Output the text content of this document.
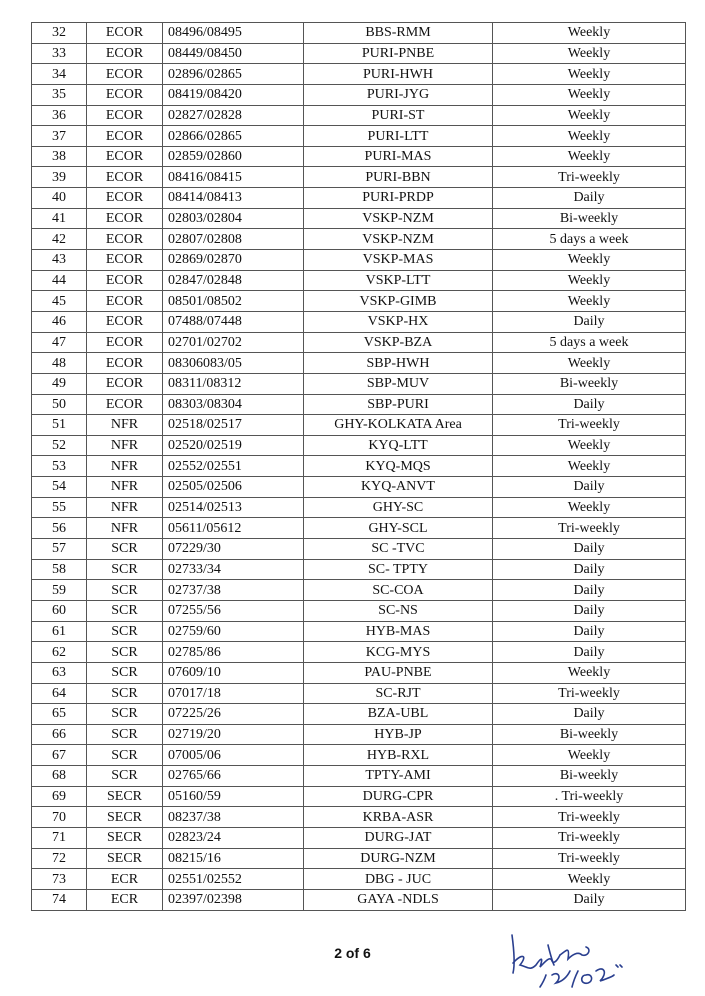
32	ECOR	08496/08495	BBS-RMM	Weekly
33	ECOR	08449/08450	PURI-PNBE	Weekly
34	ECOR	02896/02865	PURI-HWH	Weekly
35	ECOR	08419/08420	PURI-JYG	Weekly
36	ECOR	02827/02828	PURI-ST	Weekly
37	ECOR	02866/02865	PURI-LTT	Weekly
38	ECOR	02859/02860	PURI-MAS	Weekly
39	ECOR	08416/08415	PURI-BBN	Tri-weekly
40	ECOR	08414/08413	PURI-PRDP	Daily
41	ECOR	02803/02804	VSKP-NZM	Bi-weekly
42	ECOR	02807/02808	VSKP-NZM	5 days a week
43	ECOR	02869/02870	VSKP-MAS	Weekly
44	ECOR	02847/02848	VSKP-LTT	Weekly
45	ECOR	08501/08502	VSKP-GIMB	Weekly
46	ECOR	07488/07448	VSKP-HX	Daily
47	ECOR	02701/02702	VSKP-BZA	5 days a week
48	ECOR	08306083/05	SBP-HWH	Weekly
49	ECOR	08311/08312	SBP-MUV	Bi-weekly
50	ECOR	08303/08304	SBP-PURI	Daily
51	NFR	02518/02517	GHY-KOLKATA Area	Tri-weekly
52	NFR	02520/02519	KYQ-LTT	Weekly
53	NFR	02552/02551	KYQ-MQS	Weekly
54	NFR	02505/02506	KYQ-ANVT	Daily
55	NFR	02514/02513	GHY-SC	Weekly
56	NFR	05611/05612	GHY-SCL	Tri-weekly
57	SCR	07229/30	SC -TVC	Daily
58	SCR	02733/34	SC- TPTY	Daily
59	SCR	02737/38	SC-COA	Daily
60	SCR	07255/56	SC-NS	Daily
61	SCR	02759/60	HYB-MAS	Daily
62	SCR	02785/86	KCG-MYS	Daily
63	SCR	07609/10	PAU-PNBE	Weekly
64	SCR	07017/18	SC-RJT	Tri-weekly
65	SCR	07225/26	BZA-UBL	Daily
66	SCR	02719/20	HYB-JP	Bi-weekly
67	SCR	07005/06	HYB-RXL	Weekly
68	SCR	02765/66	TPTY-AMI	Bi-weekly
69	SECR	05160/59	DURG-CPR	. Tri-weekly
70	SECR	08237/38	KRBA-ASR	Tri-weekly
71	SECR	02823/24	DURG-JAT	Tri-weekly
72	SECR	08215/16	DURG-NZM	Tri-weekly
73	ECR	02551/02552	DBG - JUC	Weekly
74	ECR	02397/02398	GAYA -NDLS	Daily
2 of 6
